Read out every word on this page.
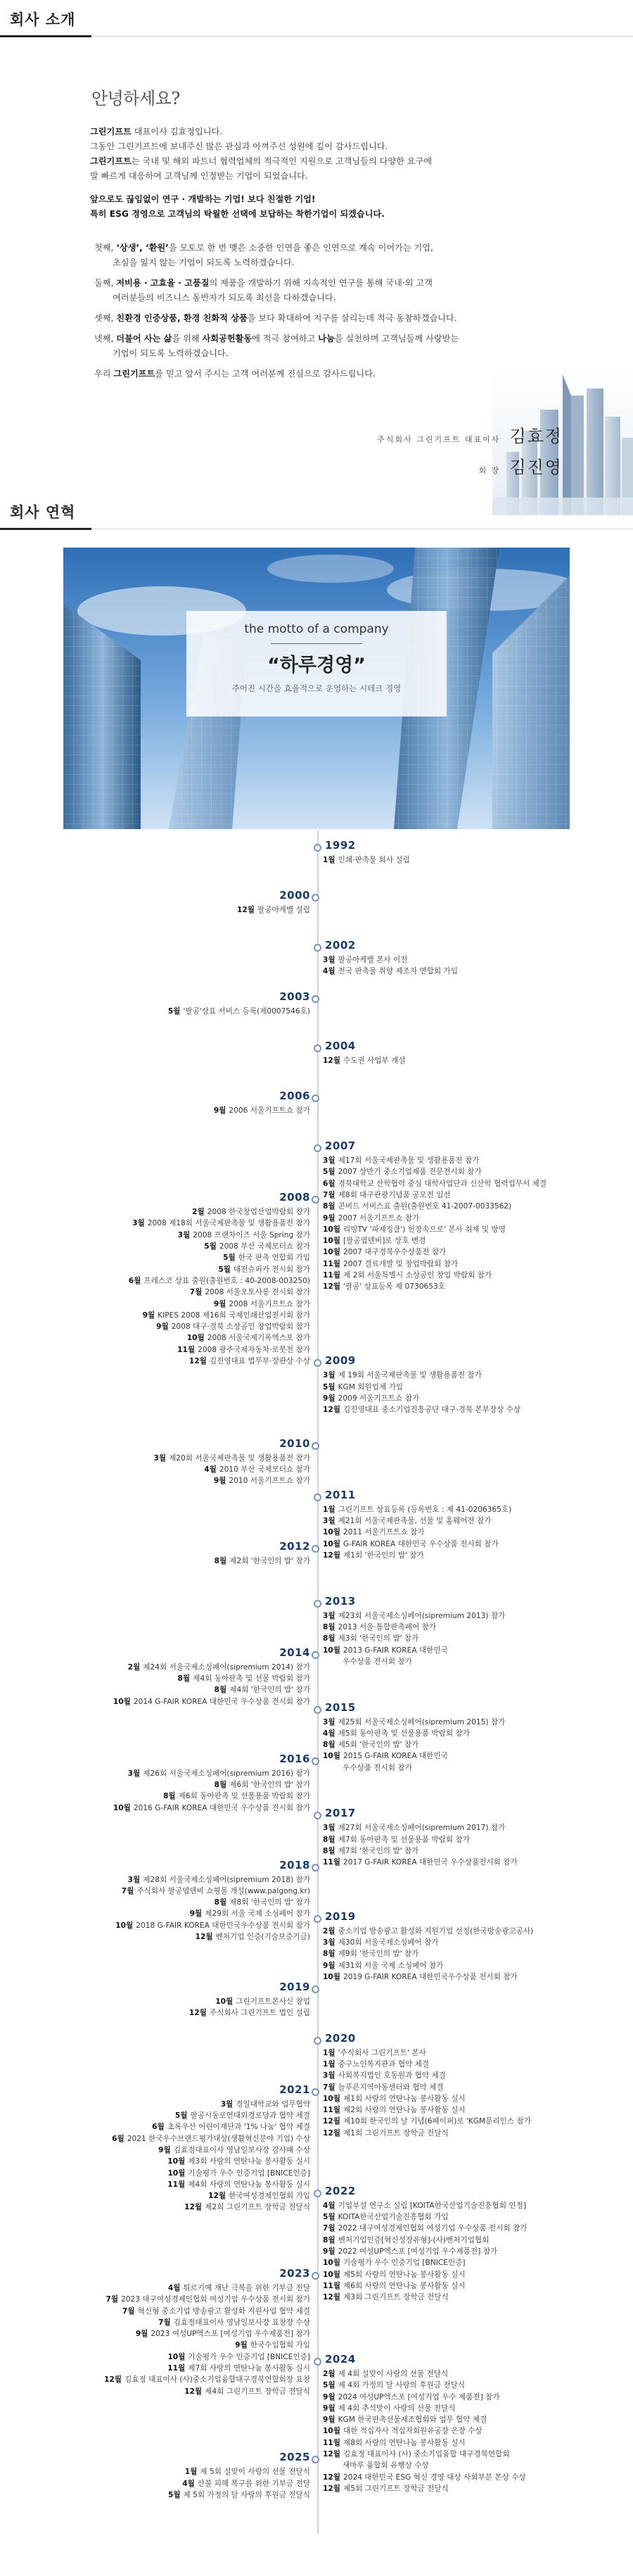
회사 소개
안녕하세요?

그린기프트 대표이사 김효정입니다.
그동안 그린기프트에 보내주신 많은 관심과 아껴주신 성원에 깊이 감사드립니다.
그린기프트는 국내 및 해외 파트너 협력업체의 적극적인 지원으로 고객님들의 다양한 요구에
발 빠르게 대응하여 고객님께 인정받는 기업이 되었습니다.

앞으로도 끊임없이 연구 · 개발하는 기업! 보다 친절한 기업!
특히 ESG 경영으로 고객님의 탁월한 선택에 보답하는 착한기업이 되겠습니다.

첫째, ‘상생’, ‘환원’을 모토로 한 번 맺은 소중한 인연을 좋은 인연으로 계속 이어가는 기업,
초심을 잃지 않는 기업이 되도록 노력하겠습니다.

둘째, 저비용 · 고효율 · 고품질의 제품을 개발하기 위해 지속적인 연구를 통해 국내·외 고객
여러분들의 비즈니스 동반자가 되도록 최선을 다하겠습니다.

셋째, 친환경 인증상품, 환경 친화적 상품을 보다 확대하여 지구를 살리는데 적극 동참하겠습니다.

넷째, 더불어 사는 삶을 위해 사회공헌활동에 적극 참여하고 나눔을 실천하며 고객님들께 사랑받는
기업이 되도록 노력하겠습니다.

우리 그린기프트를 믿고 앞서 주시는 고객 여러분께 진심으로 감사드립니다.

주식회사 그린기프트 대표이사 김효정
회 장 김진영
회사 연혁
the motto of a company
“하루경영”
주어진 시간을 효율적으로 운영하는 시테크 경영
1992
1월 인쇄·판촉물 회사 설립
2000
12월 팔공아케밸 설립
2002
3월 팔공아케밸 본사 이전
4월 전국 판촉물 취향 제조자 연합회 가입
2003
5월 '팔공'상표 서비스 등록(제0007546호)
2004
12월 수도권 사업부 개설
2006
9월 2006 서울기프트쇼 참가
2007
3월 제17회 서울국제판촉물 및 생활용품전 참가
5월 2007 상반기 중소기업제품 전문전시회 참가
6월 경북대학교 산학협력 중심 대학사업단과 신산학 협력업무서 체결
7월 제8회 대구관광기념품 공모전 입선
8월 콘비드 서비스표 출원(출원번호 41-2007-0033562)
9월 2007 서울기프트쇼 참가
10월 리빙TV '파제징클') 헌장속으로' 본사 취재 및 방영
10월 [팔공엽덴비]로 상호 변경
10월 2007 대구경북우수상품전 참가
11월 2007 결료개발 및 창업박람회 참가
11월 제 2회 서울특별시 소상공인 창업 박람회 참가
12월 '팔공' 상표등록 제 0730653호
2008
2월 2008 한국창업산업박람회 참가
3월 2008 제18회 서울국제판촉물 및 생활용품전 참가
3월 2008 프랜차이즈 서울 Spring 참가
5월 2008 부산 국제모터쇼 참가
5월 한국 판촉 연합회 가입
5월 대전슈퍼카 전시회 참가
6월 프레스코 상표 출원(출원번호 : 40-2008-003250)
7월 2008 서울오토사롱 전시회 참가
9월 2008 서울기프트쇼 참가
9월 KIPES 2008 제16회 국제인쇄산업전시회 참가
9월 2008 대구·경북 소상공인 창업박람회 참가
10월 2008 서울국제기록엑스포 참가
11월 2008 광주국제자동차·로봇전 참가
12월 김진영대표 법무부·장관상 수상 2009
3월 제 19회 서울국제판촉물 및 생활용품전 참가
5월 KGM 회원업체 가입
9월 2009 서울기프트쇼 참가
12월 김진영대표 중소기업진흥공단 대구·경북 본부장상 수상
2010
3월 제20회 서울국제판촉물 및 생활용품전 참가
4월 2010 부산 국제모터쇼 참가
9월 2010 서울기프트쇼 참가
2011
1월 그린기프트 상표등록 (등록번호 : 제 41-0206365호)
3월 제21회 서울국제판촉물, 선물 및 홈웨어전 참가
10월 2011 서울기프트쇼 참가
10월 G-FAIR KOREA 대한민국 우수상품 전시회 참가
12월 제1회 '한국인의 밥' 참가
2012
8월 제2회 '한국인의 밥' 참가
2013
3월 제23회 서울국제소싱페어(sipremium 2013) 참가
8월 2013 서울·통합판촉페어 참가
8월 제3회 '한국인의 밥' 참가
10월 2013 G-FAIR KOREA 대한민국
우수상품 전시회 참가
2014
2월 제24회 서울국제소싱페어(sipremium 2014) 참가
8월 제4회 동아판촉 및 선물 박람회 참가
8월 제4회 '한국인의 밥' 참가
10월 2014 G-FAIR KOREA 대한민국 우수상품 전시회 참가 2015
3월 제25회 서울국제소싱페어(sipremium 2015) 참가
4월 제5회 동아판촉 및 선물용품 박람회 참가
8월 제5회 '한국인의 밥' 참가
10월 2015 G-FAIR KOREA 대한민국
우수상품 전시회 참가
2016
3월 제26회 서울국제소싱페어(sipremium 2016) 참가
8월 제6회 '한국인의 밥' 참가
8월 제6회 동아판촉 및 선물용품 박람회 참가
10월 2016 G-FAIR KOREA 대한민국 우수상품 전시회 참가 2017
3월 제27회 서울국제소싱페어(sipremium 2017) 참가
8월 제7회 동아판촉 및 선물용품 박람회 참가
8월 제7회 '한국인의 밥' 참가
11월 2017 G-FAIR KOREA 대한민국 우수상품전시회 참가
2018
3월 제28회 서울국제소싱페어(sipremium 2018) 참가
7월 주식회사 팔공엽덴비 쇼핑몰 개설(www.palgong.kr)
8월 제8회 '한국인의 밥' 참가
9월 제29회 서울 국제 소싱페어 참가
10월 2018 G-FAIR KOREA 대한민국우수상품 전시회 참가
12월 벤처기업 인증(기술보증기금)
2019
2월 중소기업 방송광고 활성화 지원기업 선정(한국방송광고공사)
3월 제30회 서울국제소싱페어 참가
8월 제9회 '한국인의 밥' 참가
9월 제31회 서울 국제 소싱페어 참가
10월 2019 G-FAIR KOREA 대한민국우수상품 전시회 참가
2019
10월 그린기프트본사신 창업
12월 주식회사 그린기프트 법인 설립
2020
1월 '주식회사 그린기프트' 본사
1월 중구노인복지관과 협약 체결
3월 사회복지법인 호동원과 협약 체결
7월 늘푸른지역아동센터와 협약 체결
10월 제1회 사랑의 연탄나눔 봉사활동 실시
11월 제2회 사랑의 연탄나눔 봉사활동 실시
12월 제10회 한국인의 날 기념(6페이퍼)로 'KGM문리인스 참가
12월 제1회 그린기프트 장학금 전달식
2021
3월 경일대학교와 업무협약
5월 팔공시동로연대외경로당과 협약 체결
6월 초록우산 어린이재단과 '1% 나눔' 협약 체결
6월 2021 한국우수브랜드평가대상(생활혁신분야 기업) 수상
9월 김효정대표이사 영남일보사장 감사패 수상
10월 제3회 사랑의 연탄나눔 봉사활동 실시
10월 기술평가 우수 인증기업 [BNICE인증]
11월 제4회 사랑의 연탄나눔 봉사활동 실시
12월 한국여성경제인협회 가입
12월 제2회 그린기프트 장학금 전달식
2022
4월 기업부설 연구소 설립 [KOITA한국산업기술진흥협회 인정]
5월 KOITA한국산업기술진흥협회 가입
7월 2022 대구여성경제인협회 여성기업 우수상품 전시회 참가
8월 벤처기업인증[혁신성장유형]-(사)벤처기업협회
9월 2022 여성UP엑스포 [여성기업 우수제품전] 참가
10월 기술평가 우수 인증기업 [BNICE인증]
10월 제5회 사랑의 연탄나눔 봉사활동 실시
11월 제6회 사랑의 연탄나눔 봉사활동 실시
12월 제3회 그린기프트 장학금 전달식
2023
4월 튀르키예 재난 극복을 위한 기부금 전달
7월 2023 대구여성경제인협회 여성기업 우수상품 전시회 참가
7월 혁신형 중소기업 방송광고 활성화 지원사업 협약 체결
7월 김효정대표이사 영남일보사장 표창장 수상
9월 2023 여성UP엑스포 [여성기업 우수제품전] 참가
9월 한국수입협회 가입
10월 기술평가 우수 인증기업 [BNICE인증]
11월 제7회 사랑의 연탄나눔 봉사활동 실시
12월 김효정 대표이사 (사)중소기업융합대구경북연합회장 표창
12월 제4회 그린기프트 장학금 전달식
2024
2월 제 4회 설맞이 사랑의 선물 전달식
5월 제 4회 가정의 달 사랑의 후원금 전달식
9월 2024 여성UP엑스포 [여성기업 우수 제품전] 참가
9월 제 4회 추석맞이 사랑의 선물 전달식
9월 KGM 한국판촉선물제조협회와 업무 협약 체결
10월 대한 적십자사 적십자회원유공장 은장 수상
11월 제8회 사랑의 연탄나눔 봉사활동 실시
12월 김효정 대표이사 (사) 중소기업융합 대구경북연합회
새마루 융합회 유행상 수상
12월 2024 대한민국 ESG 혁신 경영 대상 사회부분 본상 수상
12월 제5회 그린기프트 장학금 전달식
2025
1월 제 5회 설맞이 사랑의 선물 전달식
4월 산불 피해 복구를 위한 기부금 전달
5월 제 5회 가정의 달 사랑의 후원금 전달식
